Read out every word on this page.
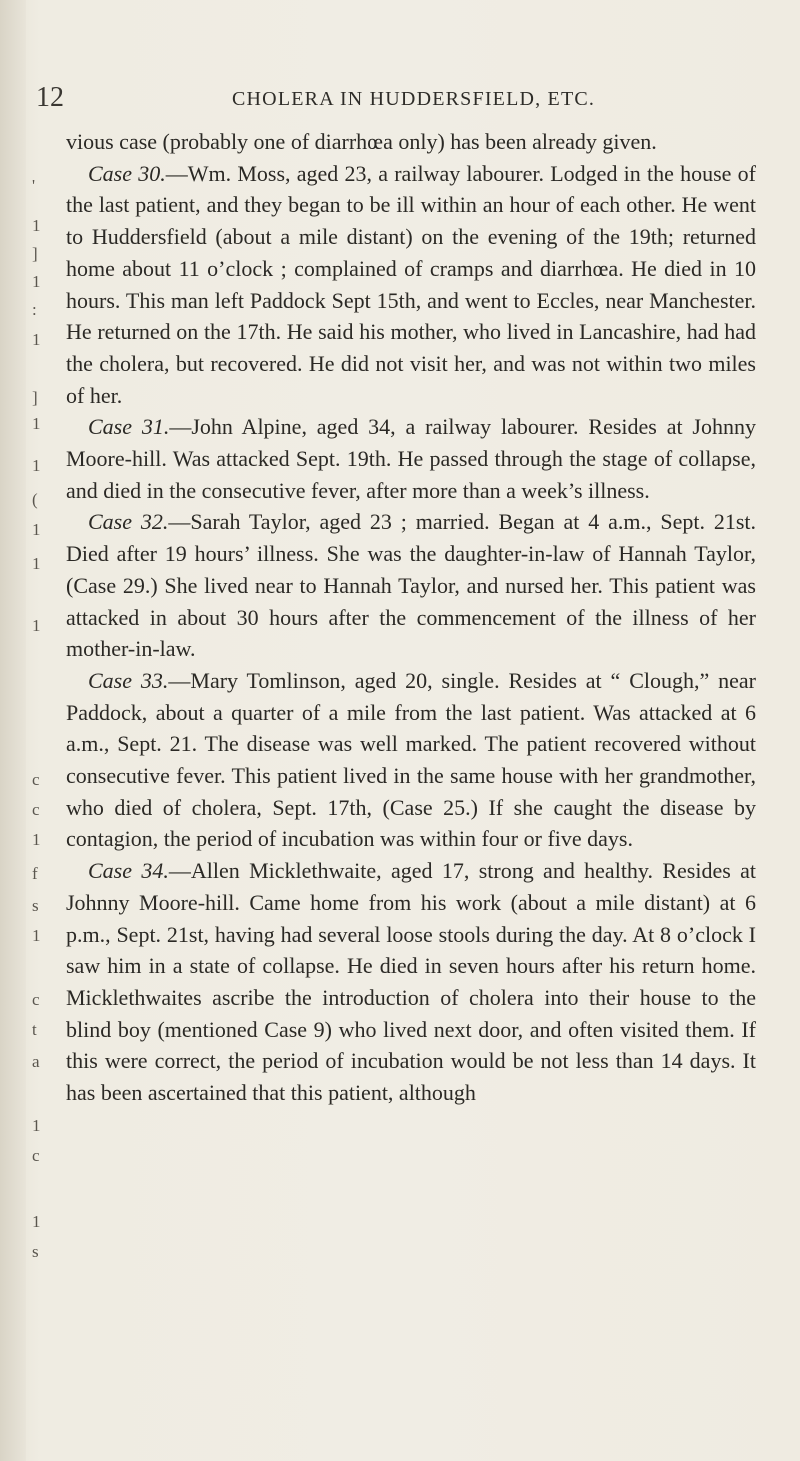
'
1
]
1
:
1
]
1
1
(
1
1
1
c
c
1
f
s
1
c
t
a
1
c
1
s
12	CHOLERA IN HUDDERSFIELD, ETC.

vious case (probably one of diarrhœa only) has been already given.

Case 30.—Wm. Moss, aged 23, a railway labourer. Lodged in the house of the last patient, and they began to be ill within an hour of each other. He went to Huddersfield (about a mile distant) on the evening of the 19th; returned home about 11 o’clock ; complained of cramps and diarrhœa. He died in 10 hours. This man left Paddock Sept 15th, and went to Eccles, near Manchester. He returned on the 17th. He said his mother, who lived in Lancashire, had had the cholera, but recovered. He did not visit her, and was not within two miles of her.

Case 31.—John Alpine, aged 34, a railway labourer. Resides at Johnny Moore-hill. Was attacked Sept. 19th. He passed through the stage of collapse, and died in the consecutive fever, after more than a week’s illness.

Case 32.—Sarah Taylor, aged 23 ; married. Began at 4 a.m., Sept. 21st. Died after 19 hours’ illness. She was the daughter-in-law of Hannah Taylor, (Case 29.) She lived near to Hannah Taylor, and nursed her. This patient was attacked in about 30 hours after the commencement of the illness of her mother-in-law.

Case 33.—Mary Tomlinson, aged 20, single. Resides at “ Clough,” near Paddock, about a quarter of a mile from the last patient. Was attacked at 6 a.m., Sept. 21. The disease was well marked. The patient recovered without consecutive fever. This patient lived in the same house with her grandmother, who died of cholera, Sept. 17th, (Case 25.) If she caught the disease by contagion, the period of incubation was within four or five days.

Case 34.—Allen Micklethwaite, aged 17, strong and healthy. Resides at Johnny Moore-hill. Came home from his work (about a mile distant) at 6 p.m., Sept. 21st, having had several loose stools during the day. At 8 o’clock I saw him in a state of collapse. He died in seven hours after his return home. Micklethwaites ascribe the introduction of cholera into their house to the blind boy (mentioned Case 9) who lived next door, and often visited them. If this were correct, the period of incubation would be not less than 14 days. It has been ascertained that this patient, although
